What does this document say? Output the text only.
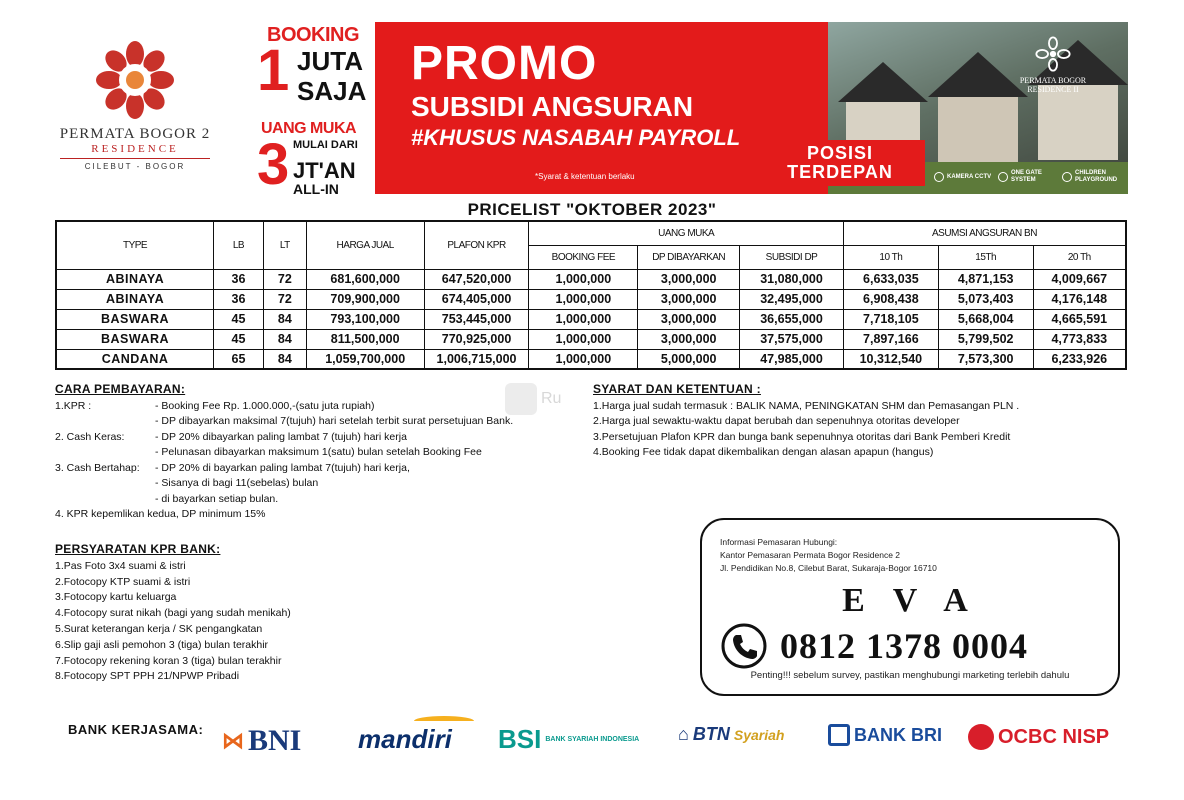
PERMATA BOGOR 2
RESIDENCE
CILEBUT - BOGOR
BOOKING
1 JUTA
SAJA
UANG MUKA
3 MULAI DARI
JT'AN
ALL-IN
PERMATA BOGOR RESIDENCE II
PROMO
SUBSIDI ANGSURAN
#KHUSUS NASABAH PAYROLL
*Syarat & ketentuan berlaku
POSISI
TERDEPAN	KAMERA CCTV
ONE GATE SYSTEM
CHILDREN PLAYGROUND
PRICELIST "OKTOBER 2023"
TYPE	LB	LT	HARGA JUAL	PLAFON KPR	UANG MUKA			ASUMSI ANGSURAN BN		
					BOOKING FEE	DP DIBAYARKAN	SUBSIDI DP	10 Th	15Th	20 Th
ABINAYA	36	72	681,600,000	647,520,000	1,000,000	3,000,000	31,080,000	6,633,035	4,871,153	4,009,667
ABINAYA	36	72	709,900,000	674,405,000	1,000,000	3,000,000	32,495,000	6,908,438	5,073,403	4,176,148
BASWARA	45	84	793,100,000	753,445,000	1,000,000	3,000,000	36,655,000	7,718,105	5,668,004	4,665,591
BASWARA	45	84	811,500,000	770,925,000	1,000,000	3,000,000	37,575,000	7,897,166	5,799,502	4,773,833
CANDANA	65	84	1,059,700,000	1,006,715,000	1,000,000	5,000,000	47,985,000	10,312,540	7,573,300	6,233,926
CARA PEMBAYARAN:
1.KPR :	- Booking Fee Rp. 1.000.000,-(satu juta rupiah)
- DP dibayarkan maksimal 7(tujuh) hari setelah terbit surat persetujuan Bank.
2. Cash Keras:	- DP 20% dibayarkan paling lambat 7 (tujuh) hari kerja
- Pelunasan dibayarkan maksimum 1(satu) bulan setelah Booking Fee
3. Cash Bertahap:	- DP 20% di bayarkan paling lambat 7(tujuh) hari kerja,
- Sisanya di bagi 11(sebelas) bulan
- di bayarkan setiap bulan.
4. KPR kepemlikan kedua, DP minimum 15%
PERSYARATAN KPR BANK:
1.Pas Foto 3x4 suami & istri
2.Fotocopy KTP suami & istri
3.Fotocopy kartu keluarga
4.Fotocopy surat nikah (bagi yang sudah menikah)
5.Surat keterangan kerja / SK pengangkatan
6.Slip gaji asli pemohon 3 (tiga) bulan terakhir
7.Fotocopy rekening koran 3 (tiga) bulan terakhir
8.Fotocopy SPT PPH 21/NPWP Pribadi
Ru
SYARAT DAN KETENTUAN :
1.Harga jual sudah termasuk : BALIK NAMA, PENINGKATAN SHM dan Pemasangan PLN .
2.Harga jual sewaktu-waktu dapat berubah dan sepenuhnya otoritas developer
3.Persetujuan Plafon KPR dan bunga bank sepenuhnya otoritas dari Bank Pemberi Kredit
4.Booking Fee tidak dapat dikembalikan dengan alasan apapun (hangus)
Informasi Pemasaran Hubungi:
Kantor Pemasaran Permata Bogor Residence 2
Jl. Pendidikan No.8, Cilebut Barat, Sukaraja-Bogor 16710
E V A
0812 1378 0004
Penting!!! sebelum survey, pastikan menghubungi marketing terlebih dahulu
BANK KERJASAMA: ⋈ BNI mandiri BSI BANK SYARIAH INDONESIA ⌂ BTN Syariah	BANK BRI	OCBC NISP
